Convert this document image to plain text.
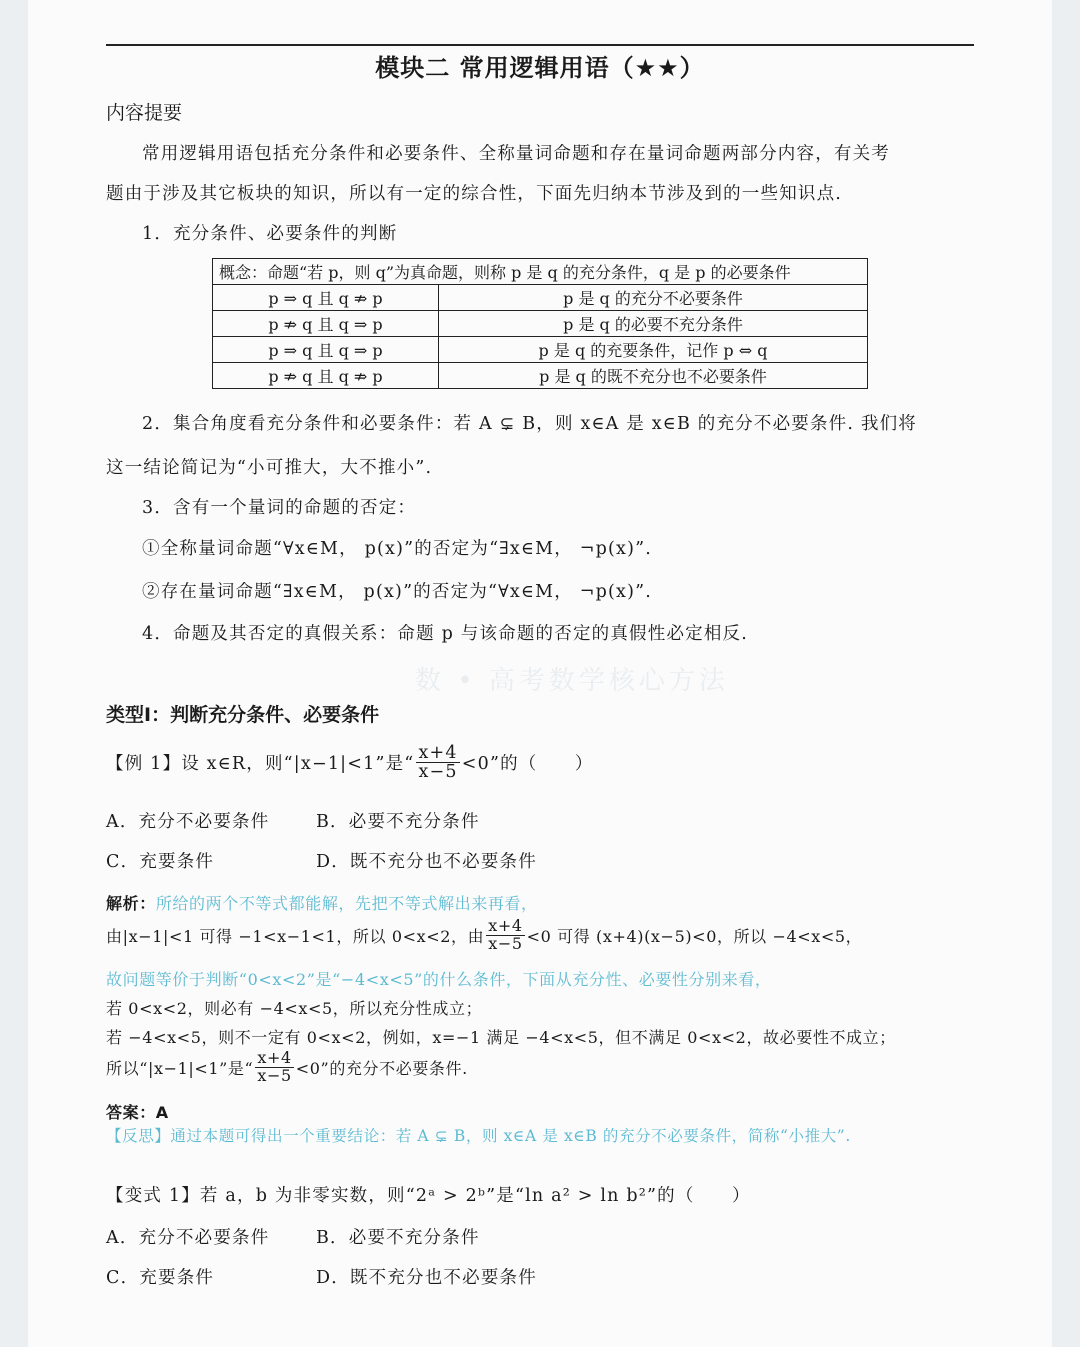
模块二 常用逻辑用语（★★）
内容提要
常用逻辑用语包括充分条件和必要条件、全称量词命题和存在量词命题两部分内容，有关考
题由于涉及其它板块的知识，所以有一定的综合性，下面先归纳本节涉及到的一些知识点.
1．充分条件、必要条件的判断
概念：命题“若 p，则 q”为真命题，则称 p 是 q 的充分条件，q 是 p 的必要条件	
p ⇒ q 且 q ⇏ p	p 是 q 的充分不必要条件
p ⇏ q 且 q ⇒ p	p 是 q 的必要不充分条件
p ⇒ q 且 q ⇒ p	p 是 q 的充要条件，记作 p ⇔ q
p ⇏ q 且 q ⇏ p	p 是 q 的既不充分也不必要条件
2．集合角度看充分条件和必要条件：若 A ⊊ B，则 x∈A 是 x∈B 的充分不必要条件. 我们将
这一结论简记为“小可推大，大不推小”.
3．含有一个量词的命题的否定：
①全称量词命题“∀x∈M， p(x)”的否定为“∃x∈M， ¬p(x)”.
②存在量词命题“∃x∈M， p(x)”的否定为“∀x∈M， ¬p(x)”.
4．命题及其否定的真假关系：命题 p 与该命题的否定的真假性必定相反.
数 • 高考数学核心方法
类型Ⅰ：判断充分条件、必要条件
【例 1】设 x∈R，则“|x−1|<1”是“ $\frac{x+4}{x-5} <0$”的（　　）
A．充分不必要条件	B．必要不充分条件
C．充要条件	D．既不充分也不必要条件
解析：所给的两个不等式都能解，先把不等式解出来再看，
由|x−1|<1 可得 −1<x−1<1，所以 0<x<2，由 $\frac{x+4}{x-5} <0$ 可得 (x+4)(x−5)<0，所以 −4<x<5，
故问题等价于判断“0<x<2”是“−4<x<5”的什么条件，下面从充分性、必要性分别来看，
若 0<x<2，则必有 −4<x<5，所以充分性成立；
若 −4<x<5，则不一定有 0<x<2，例如，x=−1 满足 −4<x<5，但不满足 0<x<2，故必要性不成立；
所以“|x−1|<1”是“ $\frac{x+4}{x-5} <0$”的充分不必要条件.
答案：A
【反思】通过本题可得出一个重要结论：若 A ⊊ B，则 x∈A 是 x∈B 的充分不必要条件，简称“小推大”.
【变式 1】若 a，b 为非零实数，则“2ᵃ > 2ᵇ”是“ln a² > ln b²”的（　　）
A．充分不必要条件	B．必要不充分条件
C．充要条件	D．既不充分也不必要条件
